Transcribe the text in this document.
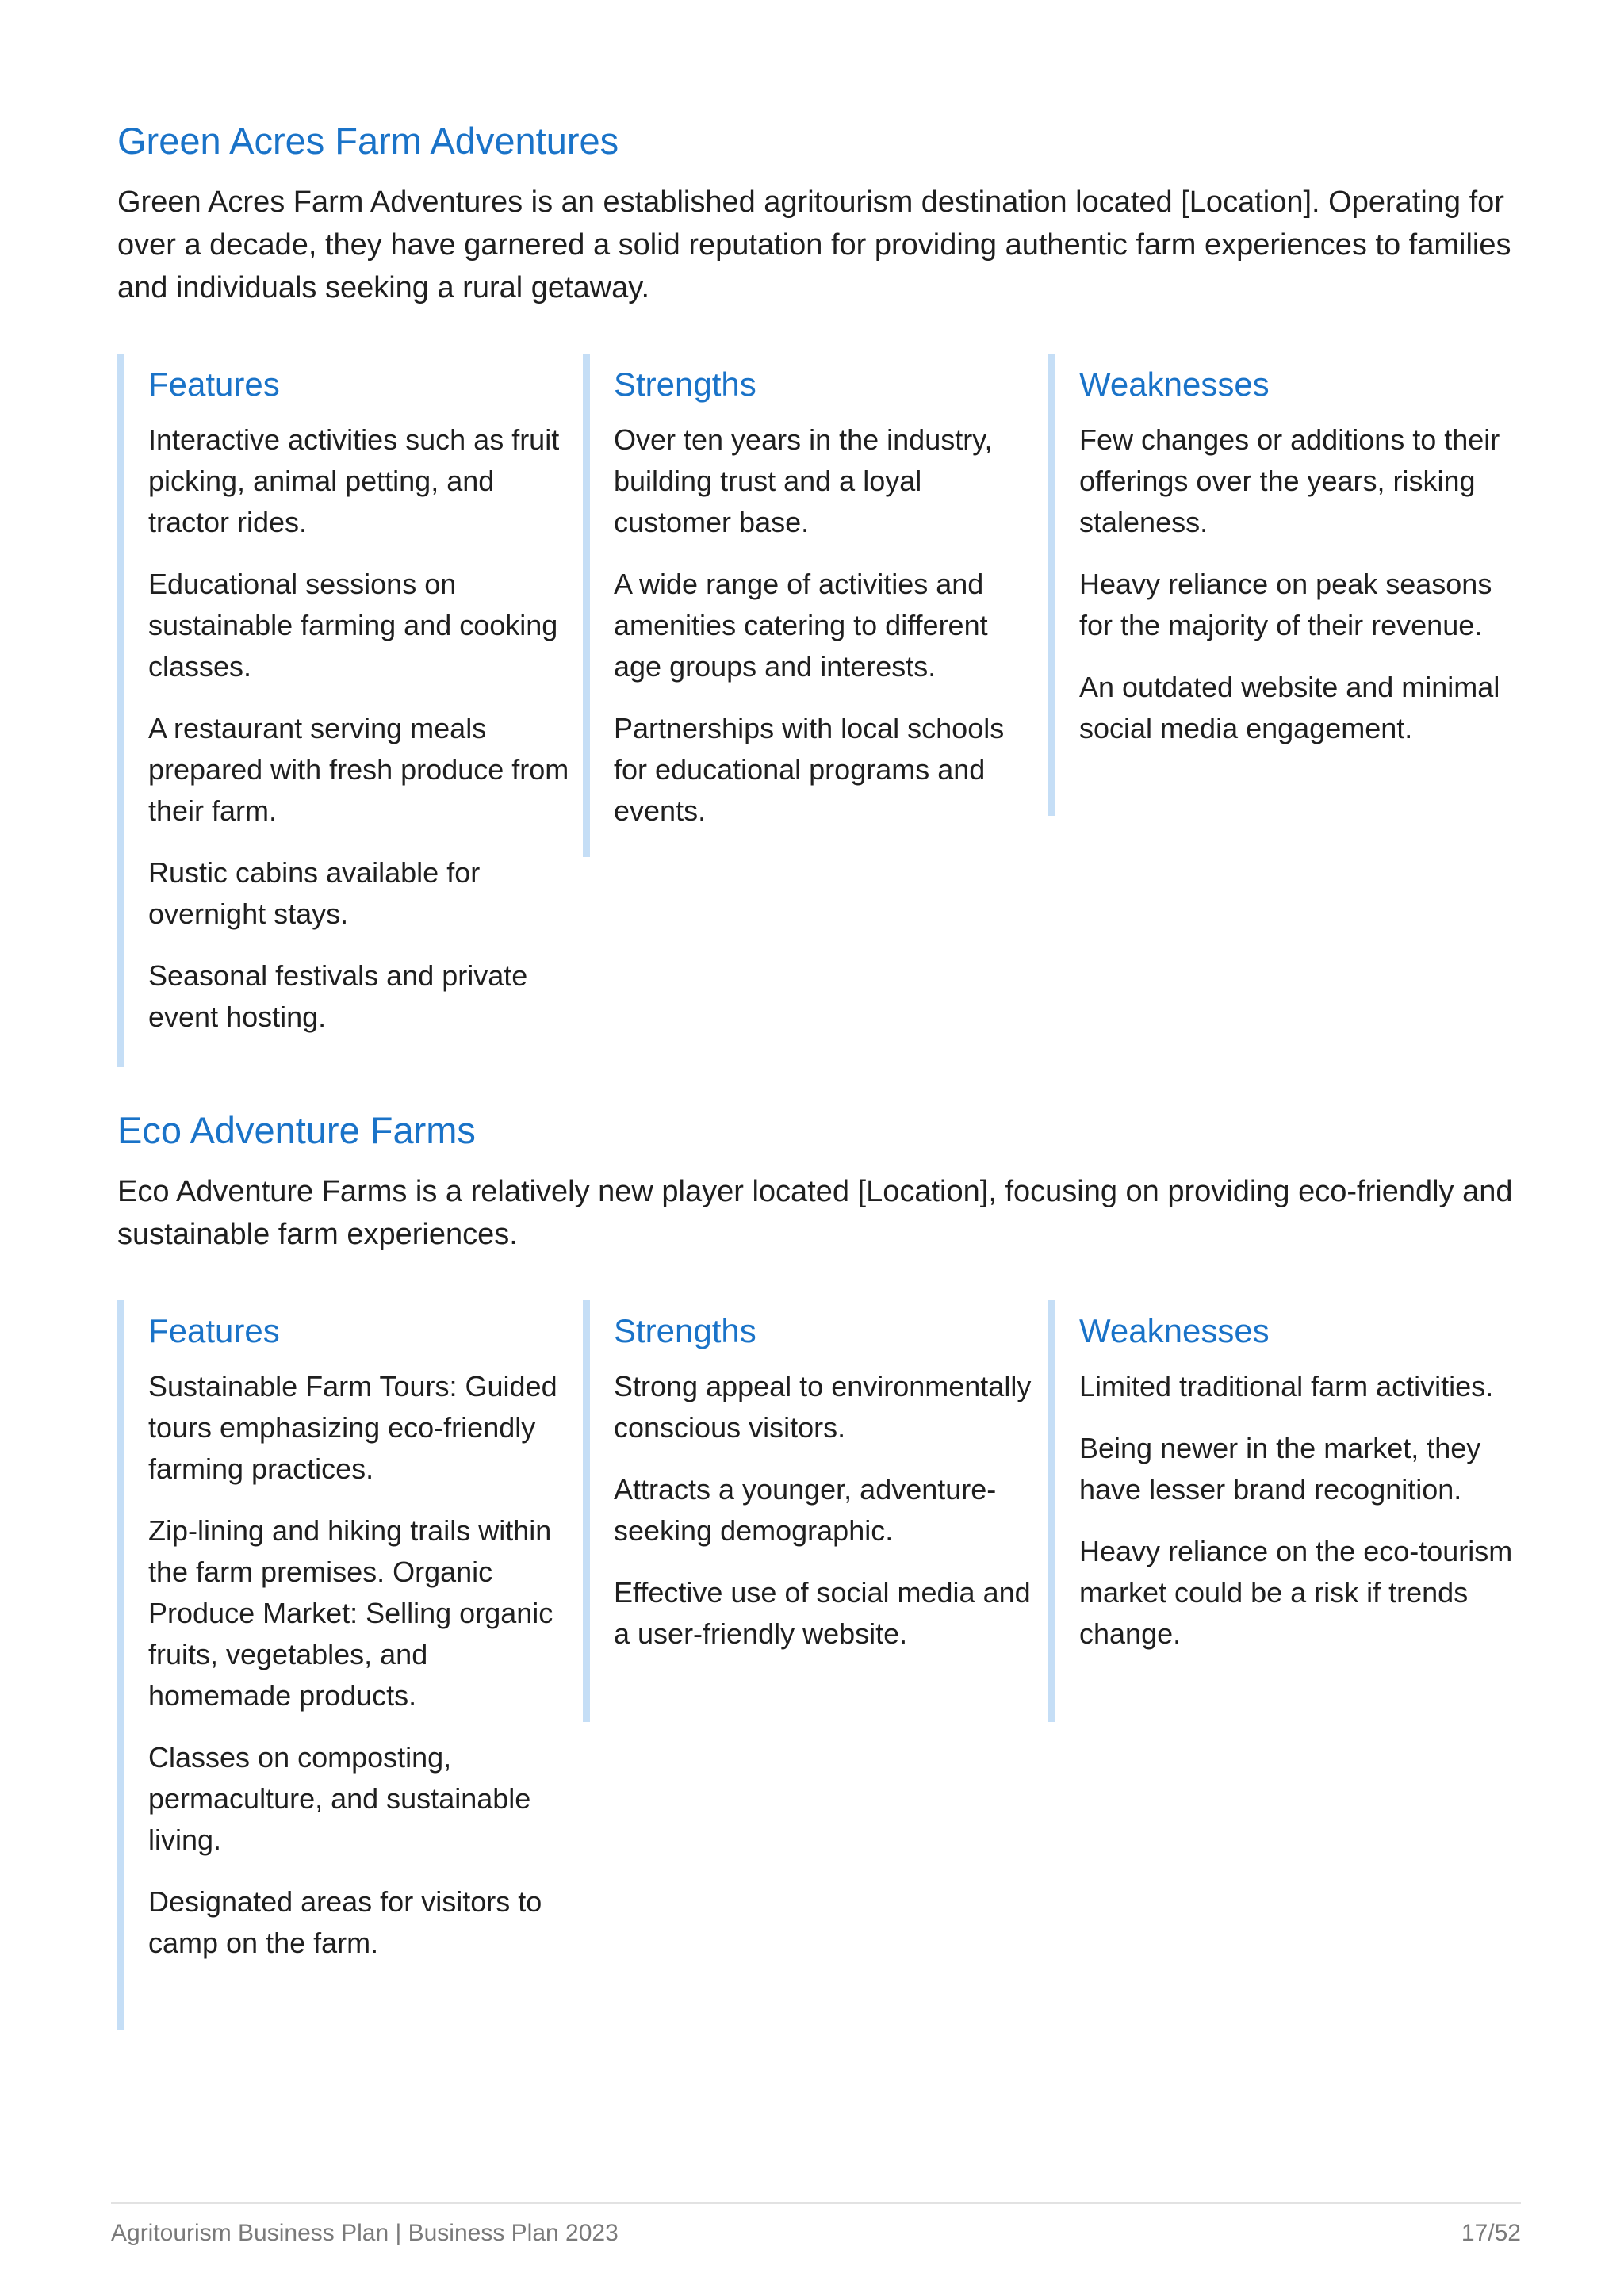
Green Acres Farm Adventures

Green Acres Farm Adventures is an established agritourism destination located [Location]. Operating for over a decade, they have garnered a solid reputation for providing authentic farm experiences to families and individuals seeking a rural getaway.

Features

Interactive activities such as fruit picking, animal petting, and tractor rides.

Educational sessions on sustainable farming and cooking classes.

A restaurant serving meals prepared with fresh produce from their farm.

Rustic cabins available for overnight stays.

Seasonal festivals and private event hosting.

Strengths

Over ten years in the industry, building trust and a loyal customer base.

A wide range of activities and amenities catering to different age groups and interests.

Partnerships with local schools for educational programs and events.

Weaknesses

Few changes or additions to their offerings over the years, risking staleness.

Heavy reliance on peak seasons for the majority of their revenue.

An outdated website and minimal social media engagement.

Eco Adventure Farms

Eco Adventure Farms is a relatively new player located [Location], focusing on providing eco-friendly and sustainable farm experiences.

Features

Sustainable Farm Tours: Guided tours emphasizing eco-friendly farming practices.

Zip-lining and hiking trails within the farm premises. Organic Produce Market: Selling organic fruits, vegetables, and homemade products.

Classes on composting, permaculture, and sustainable living.

Designated areas for visitors to camp on the farm.

Strengths

Strong appeal to environmentally conscious visitors.

Attracts a younger, adventure-seeking demographic.

Effective use of social media and a user-friendly website.

Weaknesses

Limited traditional farm activities.

Being newer in the market, they have lesser brand recognition.

Heavy reliance on the eco-tourism market could be a risk if trends change.

Agritourism Business Plan | Business Plan 2023	17/52
